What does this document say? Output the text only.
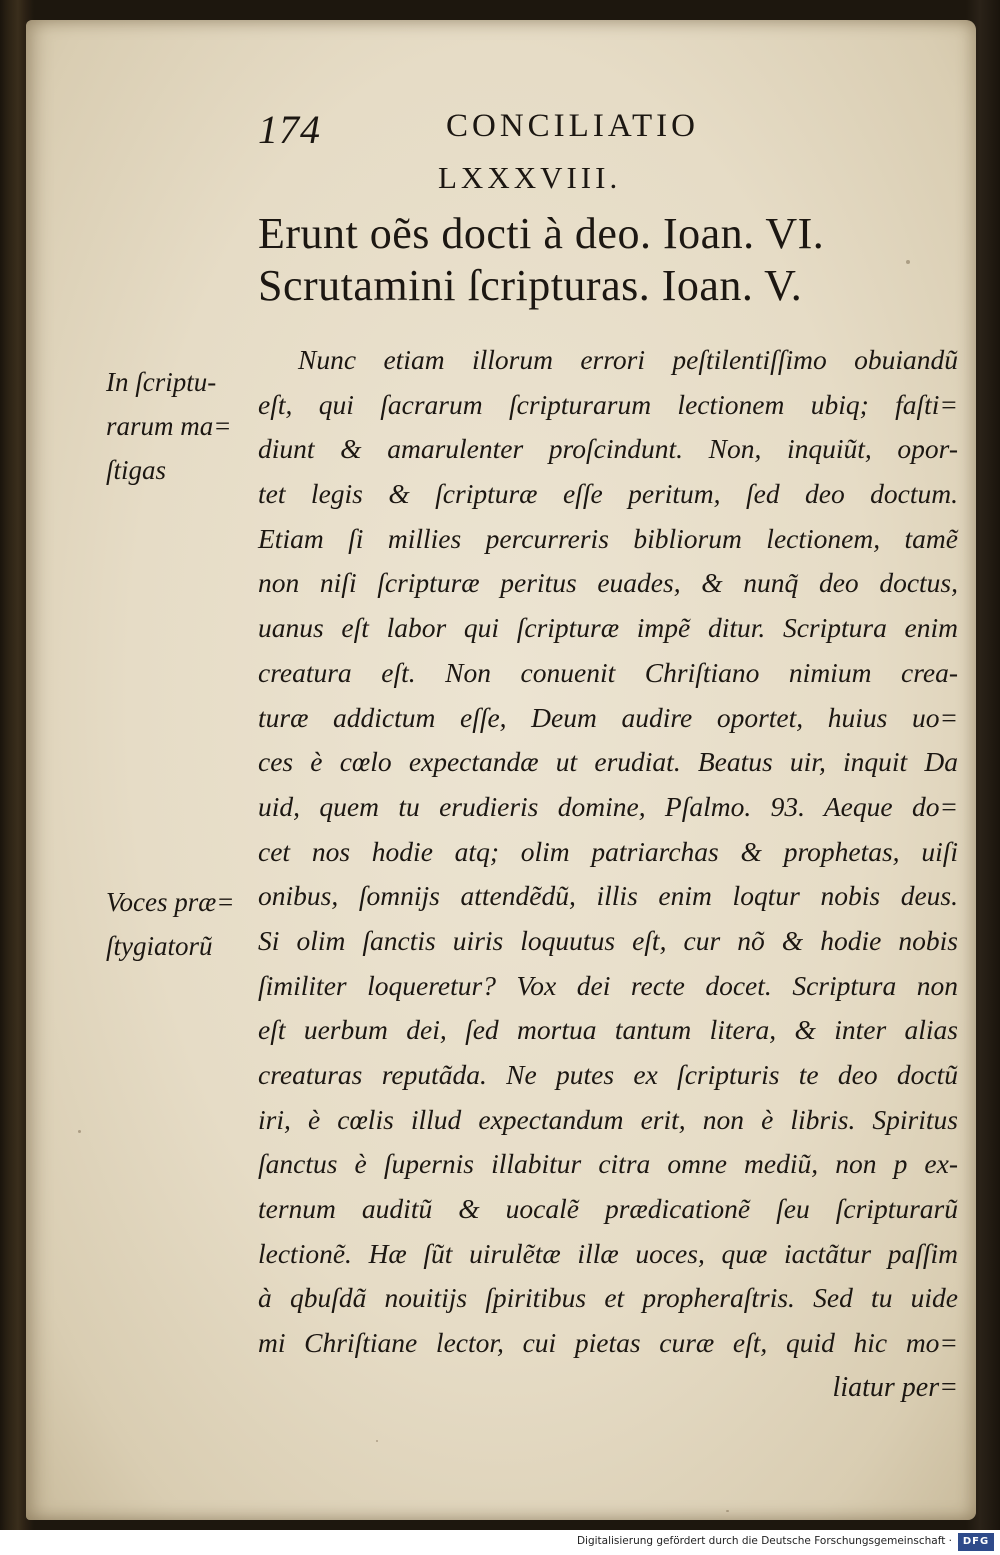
174	CONCILIATIO
LXXXVIII.
Erunt oẽs docti à deo. Ioan. VI.
Scrutamini ſcripturas. Ioan. V.
In ſcriptu-
rarum ma=
ſtigas
Voces præ=
ſtygiatorũ
Nunc etiam illorum errori peſtilentiſſimo obuiandũ
eſt, qui ſacrarum ſcripturarum lectionem ubiq; faſti=
diunt & amarulenter proſcindunt. Non, inquiũt, opor-
tet legis & ſcripturæ eſſe peritum, ſed deo doctum.
Etiam ſi millies percurreris bibliorum lectionem, tamẽ
non niſi ſcripturæ peritus euades, & nunq̃ deo doctus,
uanus eſt labor qui ſcripturæ impẽ ditur. Scriptura enim
creatura eſt. Non conuenit Chriſtiano nimium crea-
turæ addictum eſſe, Deum audire oportet, huius uo=
ces è cœlo expectandæ ut erudiat. Beatus uir, inquit Da
uid, quem tu erudieris domine, Pſalmo. 93. Aeque do=
cet nos hodie atq; olim patriarchas & prophetas, uiſi
onibus, ſomnijs attendẽdũ, illis enim loqtur nobis deus.
Si olim ſanctis uiris loquutus eſt, cur nõ & hodie nobis
ſimiliter loqueretur? Vox dei recte docet. Scriptura non
eſt uerbum dei, ſed mortua tantum litera, & inter alias
creaturas reputãda. Ne putes ex ſcripturis te deo doctũ
iri, è cœlis illud expectandum erit, non è libris. Spiritus
ſanctus è ſupernis illabitur citra omne mediũ, non p ex-
ternum auditũ & uocalẽ prædicationẽ ſeu ſcripturarũ
lectionẽ. Hæ ſũt uirulẽtæ illæ uoces, quæ iactãtur paſſim
à qbuſdã nouitijs ſpiritibus et propheraſtris. Sed tu uide
mi Chriſtiane lector, cui pietas curæ eſt, quid hic mo=
liatur per=
Digitalisierung gefördert durch die Deutsche Forschungsgemeinschaft ·	DFG
